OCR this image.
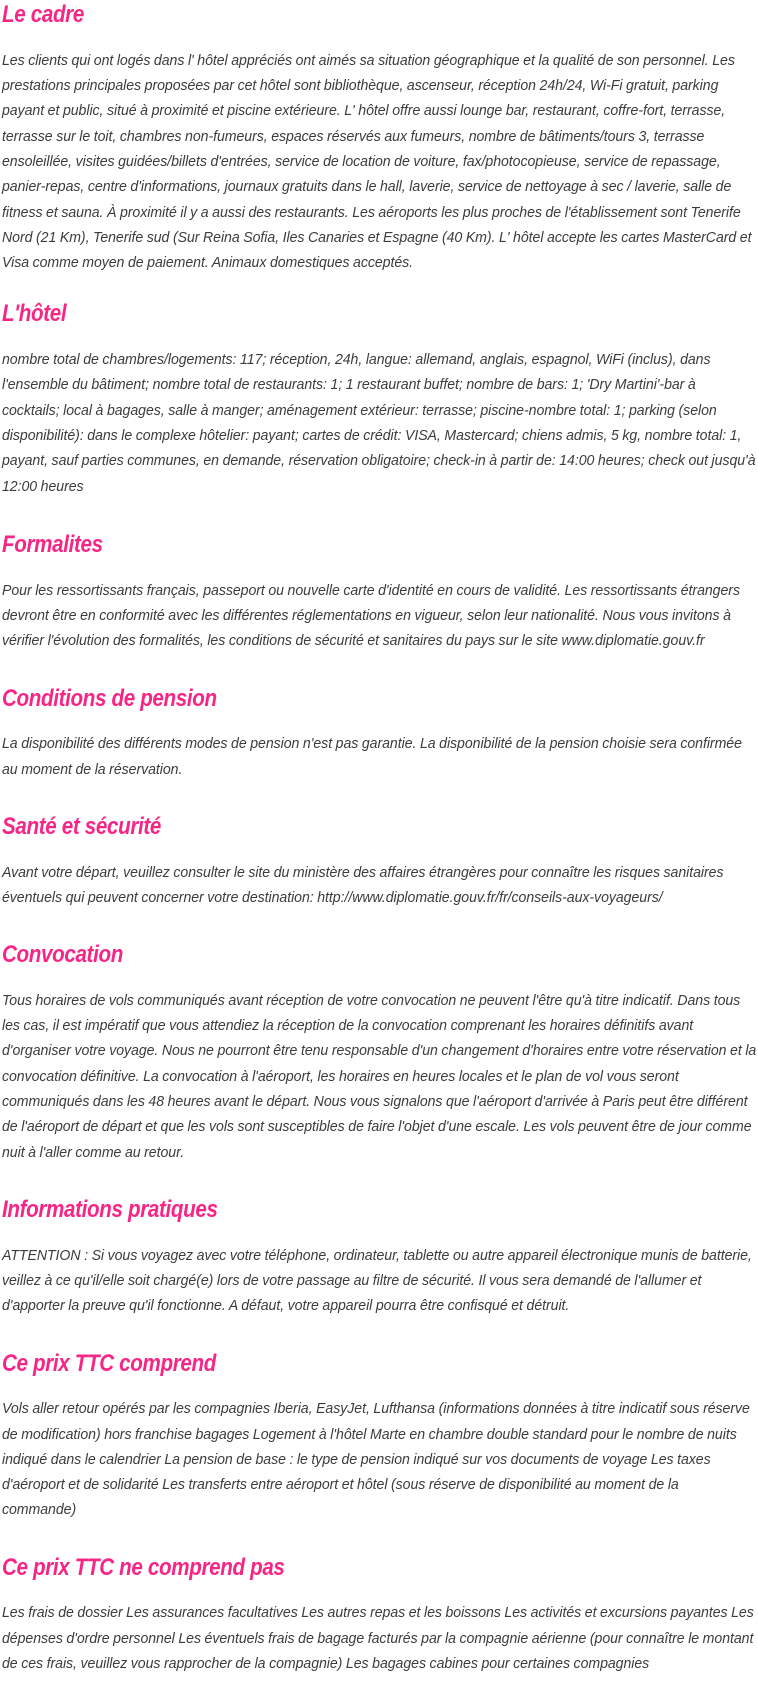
Le cadre

Les clients qui ont logés dans l' hôtel appréciés ont aimés sa situation géographique et la qualité de son personnel. Les prestations principales proposées par cet hôtel sont bibliothèque, ascenseur, réception 24h/24, Wi-Fi gratuit, parking payant et public, situé à proximité et piscine extérieure. L' hôtel offre aussi lounge bar, restaurant, coffre-fort, terrasse, terrasse sur le toit, chambres non-fumeurs, espaces réservés aux fumeurs, nombre de bâtiments/tours 3, terrasse ensoleillée, visites guidées/billets d'entrées, service de location de voiture, fax/photocopieuse, service de repassage, panier-repas, centre d'informations, journaux gratuits dans le hall, laverie, service de nettoyage à sec / laverie, salle de fitness et sauna. À proximité il y a aussi des restaurants. Les aéroports les plus proches de l'établissement sont Tenerife Nord (21 Km), Tenerife sud (Sur Reina Sofia, Iles Canaries et Espagne (40 Km). L' hôtel accepte les cartes MasterCard et Visa comme moyen de paiement. Animaux domestiques acceptés.

L'hôtel

nombre total de chambres/logements: 117; réception, 24h, langue: allemand, anglais, espagnol, WiFi (inclus), dans l'ensemble du bâtiment; nombre total de restaurants: 1; 1 restaurant buffet; nombre de bars: 1; 'Dry Martini'-bar à cocktails; local à bagages, salle à manger; aménagement extérieur: terrasse; piscine-nombre total: 1; parking (selon disponibilité): dans le complexe hôtelier: payant; cartes de crédit: VISA, Mastercard; chiens admis, 5 kg, nombre total: 1, payant, sauf parties communes, en demande, réservation obligatoire; check-in à partir de: 14:00 heures; check out jusqu'à 12:00 heures

Formalites

Pour les ressortissants français, passeport ou nouvelle carte d'identité en cours de validité. Les ressortissants étrangers devront être en conformité avec les différentes réglementations en vigueur, selon leur nationalité. Nous vous invitons à vérifier l'évolution des formalités, les conditions de sécurité et sanitaires du pays sur le site www.diplomatie.gouv.fr

Conditions de pension

La disponibilité des différents modes de pension n'est pas garantie. La disponibilité de la pension choisie sera confirmée au moment de la réservation.

Santé et sécurité

Avant votre départ, veuillez consulter le site du ministère des affaires étrangères pour connaître les risques sanitaires éventuels qui peuvent concerner votre destination: http://www.diplomatie.gouv.fr/fr/conseils-aux-voyageurs/

Convocation

Tous horaires de vols communiqués avant réception de votre convocation ne peuvent l'être qu'à titre indicatif. Dans tous les cas, il est impératif que vous attendiez la réception de la convocation comprenant les horaires définitifs avant d'organiser votre voyage. Nous ne pourront être tenu responsable d'un changement d'horaires entre votre réservation et la convocation définitive. La convocation à l'aéroport, les horaires en heures locales et le plan de vol vous seront communiqués dans les 48 heures avant le départ. Nous vous signalons que l'aéroport d'arrivée à Paris peut être différent de l'aéroport de départ et que les vols sont susceptibles de faire l'objet d'une escale. Les vols peuvent être de jour comme nuit à l'aller comme au retour.

Informations pratiques

ATTENTION : Si vous voyagez avec votre téléphone, ordinateur, tablette ou autre appareil électronique munis de batterie, veillez à ce qu'il/elle soit chargé(e) lors de votre passage au filtre de sécurité. Il vous sera demandé de l'allumer et d'apporter la preuve qu'il fonctionne. A défaut, votre appareil pourra être confisqué et détruit.

Ce prix TTC comprend

Vols aller retour opérés par les compagnies Iberia, EasyJet, Lufthansa (informations données à titre indicatif sous réserve de modification) hors franchise bagages Logement à l'hôtel Marte en chambre double standard pour le nombre de nuits indiqué dans le calendrier La pension de base : le type de pension indiqué sur vos documents de voyage Les taxes d'aéroport et de solidarité Les transferts entre aéroport et hôtel (sous réserve de disponibilité au moment de la commande)

Ce prix TTC ne comprend pas

Les frais de dossier Les assurances facultatives Les autres repas et les boissons Les activités et excursions payantes Les dépenses d'ordre personnel Les éventuels frais de bagage facturés par la compagnie aérienne (pour connaître le montant de ces frais, veuillez vous rapprocher de la compagnie) Les bagages cabines pour certaines compagnies
